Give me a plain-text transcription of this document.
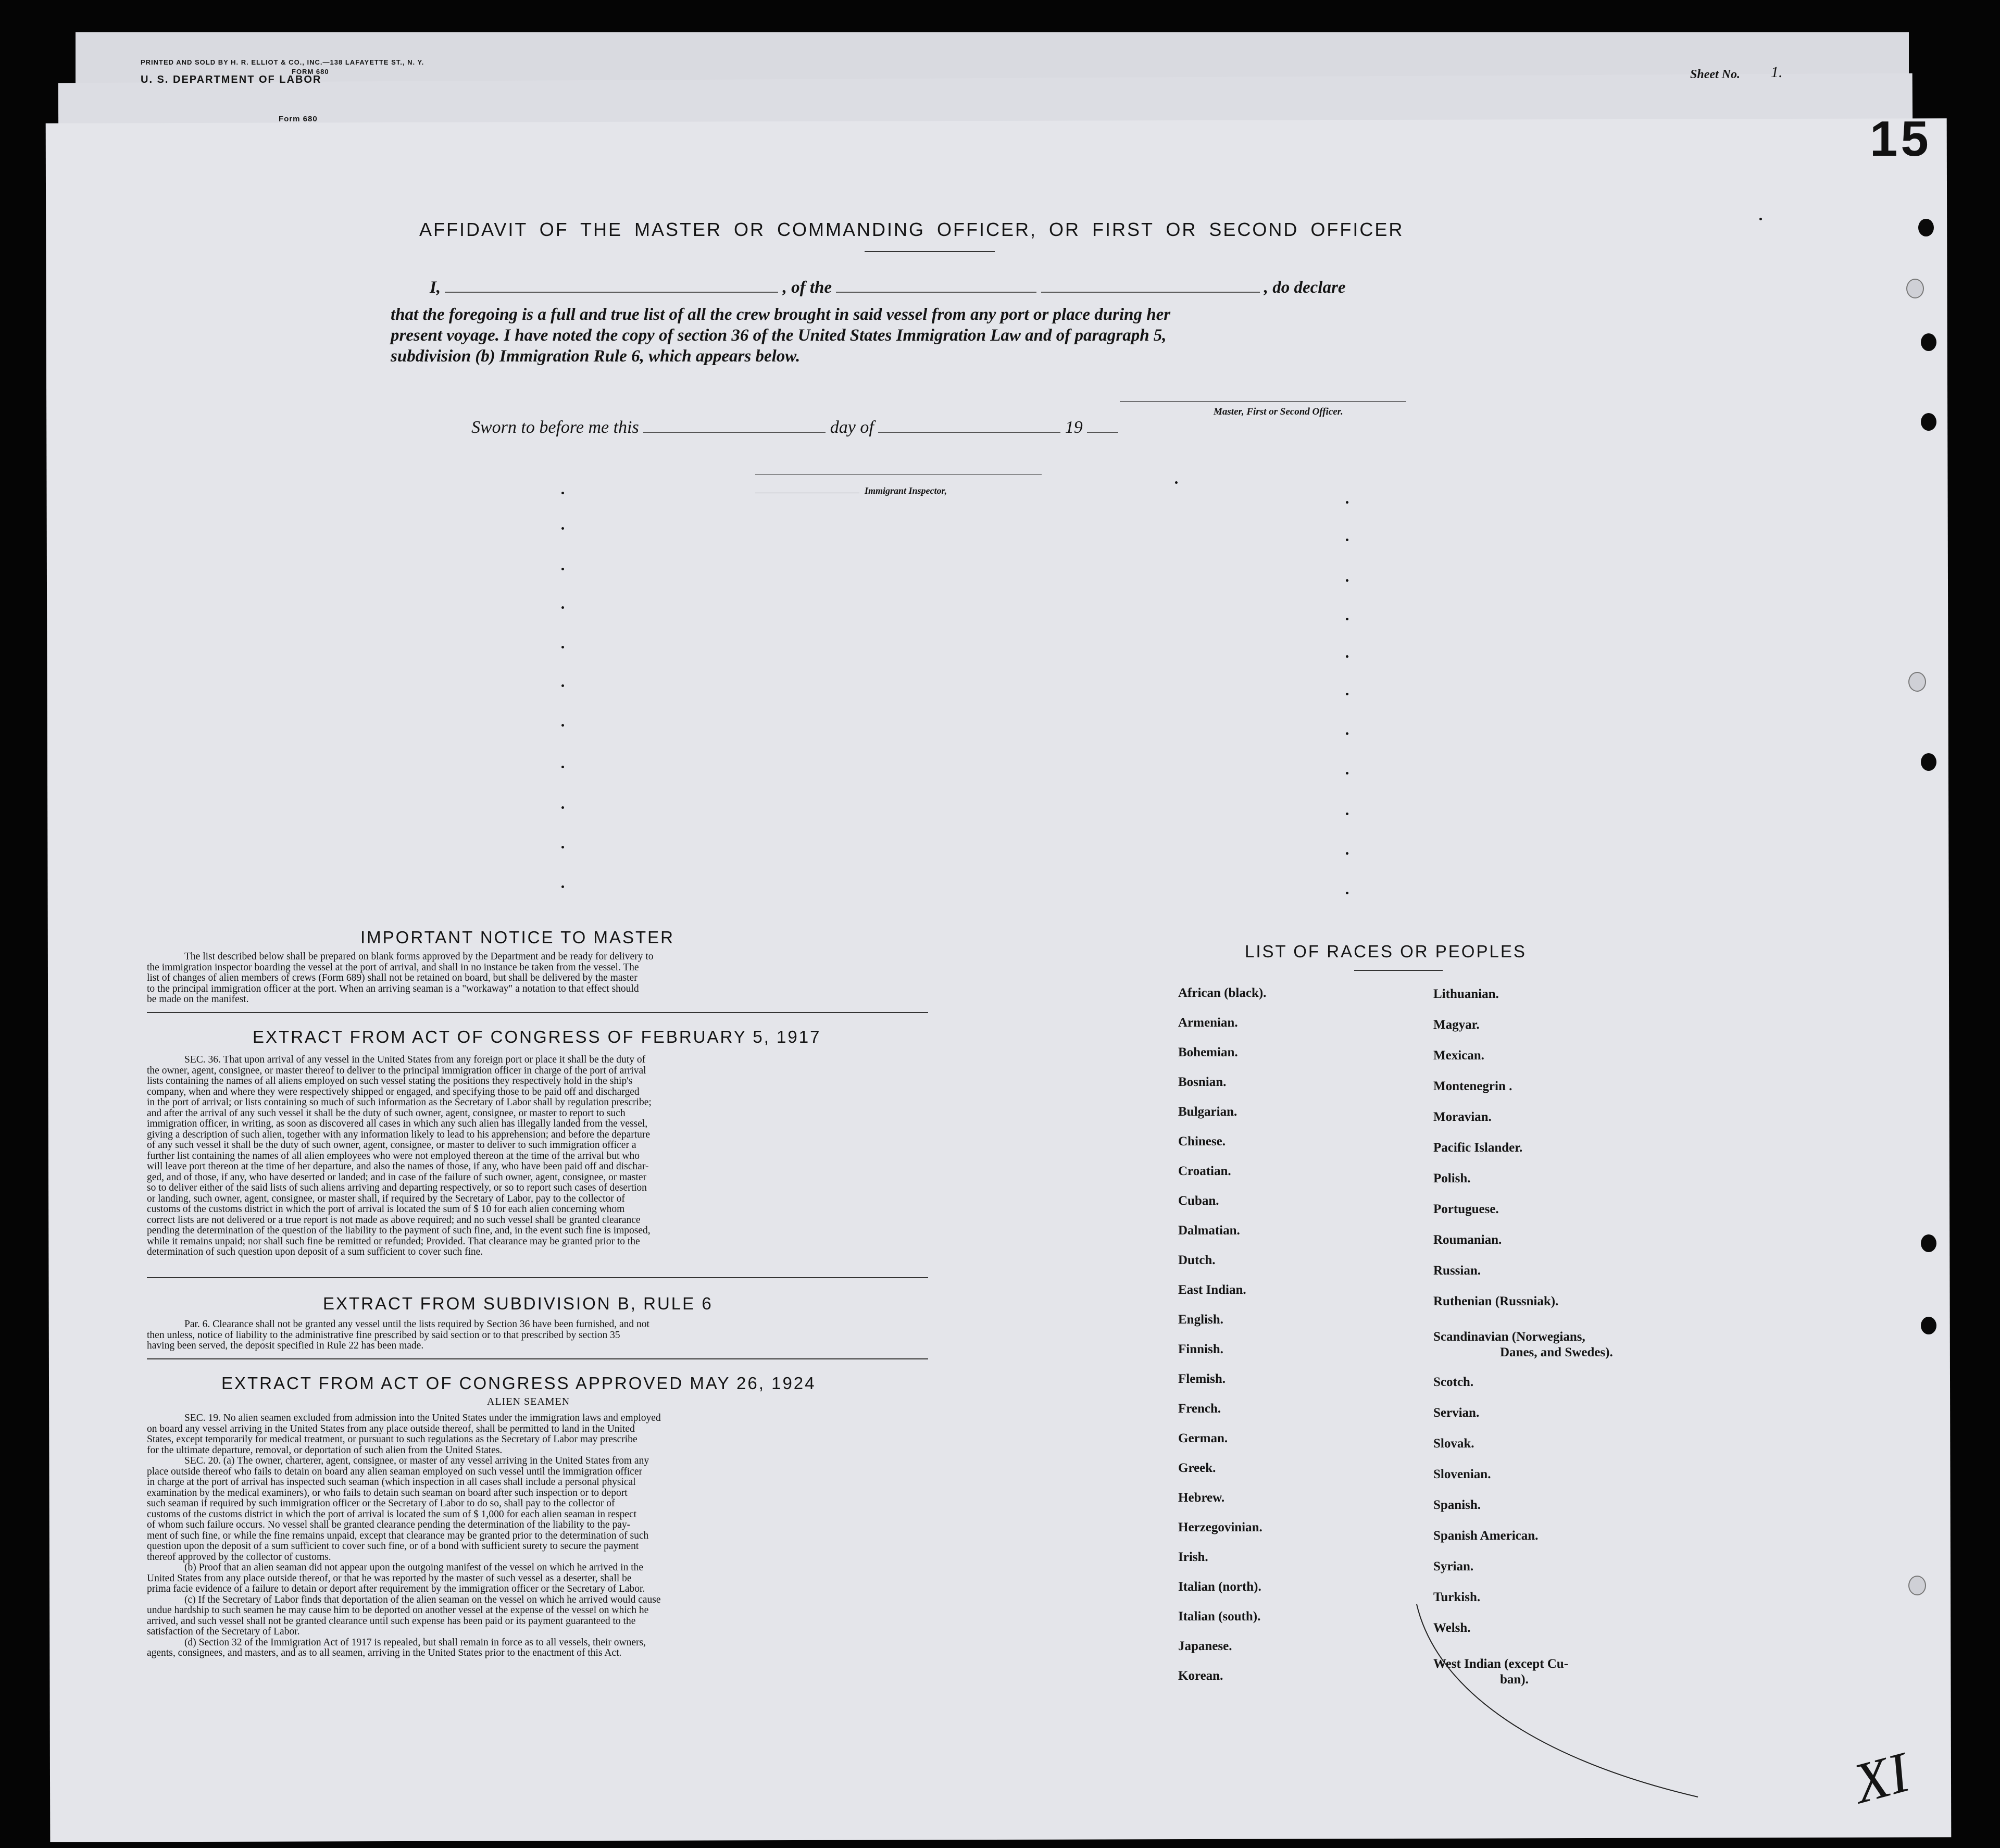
PRINTED AND SOLD BY H. R. ELLIOT & CO., INC.—138 LAFAYETTE ST., N. Y.
FORM 680
U. S. DEPARTMENT OF LABOR
Form 680
Sheet No. 1.
15
AFFIDAVIT OF THE MASTER OR COMMANDING OFFICER, OR FIRST OR SECOND OFFICER
I,	, of the	, do declare
that the foregoing is a full and true list of all the crew brought in said vessel from any port or place during her
present voyage. I have noted the copy of section 36 of the United States Immigration Law and of paragraph 5,
subdivision (b) Immigration Rule 6, which appears below.
Master, First or Second Officer.
Sworn to before me this	day of	19
Immigrant Inspector,
IMPORTANT NOTICE TO MASTER
The list described below shall be prepared on blank forms approved by the Department and be ready for delivery to
the immigration inspector boarding the vessel at the port of arrival, and shall in no instance be taken from the vessel. The
list of changes of alien members of crews (Form 689) shall not be retained on board, but shall be delivered by the master
to the principal immigration officer at the port. When an arriving seaman is a "workaway" a notation to that effect should
be made on the manifest.
EXTRACT FROM ACT OF CONGRESS OF FEBRUARY 5, 1917
SEC. 36. That upon arrival of any vessel in the United States from any foreign port or place it shall be the duty of
the owner, agent, consignee, or master thereof to deliver to the principal immigration officer in charge of the port of arrival
lists containing the names of all aliens employed on such vessel stating the positions they respectively hold in the ship's
company, when and where they were respectively shipped or engaged, and specifying those to be paid off and discharged
in the port of arrival; or lists containing so much of such information as the Secretary of Labor shall by regulation prescribe;
and after the arrival of any such vessel it shall be the duty of such owner, agent, consignee, or master to report to such
immigration officer, in writing, as soon as discovered all cases in which any such alien has illegally landed from the vessel,
giving a description of such alien, together with any information likely to lead to his apprehension; and before the departure
of any such vessel it shall be the duty of such owner, agent, consignee, or master to deliver to such immigration officer a
further list containing the names of all alien employees who were not employed thereon at the time of the arrival but who
will leave port thereon at the time of her departure, and also the names of those, if any, who have been paid off and dischar-
ged, and of those, if any, who have deserted or landed; and in case of the failure of such owner, agent, consignee, or master
so to deliver either of the said lists of such aliens arriving and departing respectively, or so to report such cases of desertion
or landing, such owner, agent, consignee, or master shall, if required by the Secretary of Labor, pay to the collector of
customs of the customs district in which the port of arrival is located the sum of $ 10 for each alien concerning whom
correct lists are not delivered or a true report is not made as above required; and no such vessel shall be granted clearance
pending the determination of the question of the liability to the payment of such fine, and, in the event such fine is imposed,
while it remains unpaid; nor shall such fine be remitted or refunded; Provided. That clearance may be granted prior to the
determination of such question upon deposit of a sum sufficient to cover such fine.
EXTRACT FROM SUBDIVISION B, RULE 6
Par. 6. Clearance shall not be granted any vessel until the lists required by Section 36 have been furnished, and not
then unless, notice of liability to the administrative fine prescribed by said section or to that prescribed by section 35
having been served, the deposit specified in Rule 22 has been made.
EXTRACT FROM ACT OF CONGRESS APPROVED MAY 26, 1924
ALIEN SEAMEN
SEC. 19. No alien seamen excluded from admission into the United States under the immigration laws and employed
on board any vessel arriving in the United States from any place outside thereof, shall be permitted to land in the United
States, except temporarily for medical treatment, or pursuant to such regulations as the Secretary of Labor may prescribe
for the ultimate departure, removal, or deportation of such alien from the United States.
SEC. 20. (a) The owner, charterer, agent, consignee, or master of any vessel arriving in the United States from any
place outside thereof who fails to detain on board any alien seaman employed on such vessel until the immigration officer
in charge at the port of arrival has inspected such seaman (which inspection in all cases shall include a personal physical
examination by the medical examiners), or who fails to detain such seaman on board after such inspection or to deport
such seaman if required by such immigration officer or the Secretary of Labor to do so, shall pay to the collector of
customs of the customs district in which the port of arrival is located the sum of $ 1,000 for each alien seaman in respect
of whom such failure occurs. No vessel shall be granted clearance pending the determination of the liability to the pay-
ment of such fine, or while the fine remains unpaid, except that clearance may be granted prior to the determination of such
question upon the deposit of a sum sufficient to cover such fine, or of a bond with sufficient surety to secure the payment
thereof approved by the collector of customs.
(b) Proof that an alien seaman did not appear upon the outgoing manifest of the vessel on which he arrived in the
United States from any place outside thereof, or that he was reported by the master of such vessel as a deserter, shall be
prima facie evidence of a failure to detain or deport after requirement by the immigration officer or the Secretary of Labor.
(c) If the Secretary of Labor finds that deportation of the alien seaman on the vessel on which he arrived would cause
undue hardship to such seamen he may cause him to be deported on another vessel at the expense of the vessel on which he
arrived, and such vessel shall not be granted clearance until such expense has been paid or its payment guaranteed to the
satisfaction of the Secretary of Labor.
(d) Section 32 of the Immigration Act of 1917 is repealed, but shall remain in force as to all vessels, their owners,
agents, consignees, and masters, and as to all seamen, arriving in the United States prior to the enactment of this Act.
LIST OF RACES OR PEOPLES
African (black).
Armenian.
Bohemian.
Bosnian.
Bulgarian.
Chinese.
Croatian.
Cuban.
Dalmatian.
Dutch.
East Indian.
English.
Finnish.
Flemish.
French.
German.
Greek.
Hebrew.
Herzegovinian.
Irish.
Italian (north).
Italian (south).
Japanese.
Korean.
Lithuanian.
Magyar.
Mexican.
Montenegrin .
Moravian.
Pacific Islander.
Polish.
Portuguese.
Roumanian.
Russian.
Ruthenian (Russniak).
Scandinavian (Norwegians,
Danes, and Swedes).
Scotch.
Servian.
Slovak.
Slovenian.
Spanish.
Spanish American.
Syrian.
Turkish.
Welsh.
West Indian (except Cu-
ban).
XI
